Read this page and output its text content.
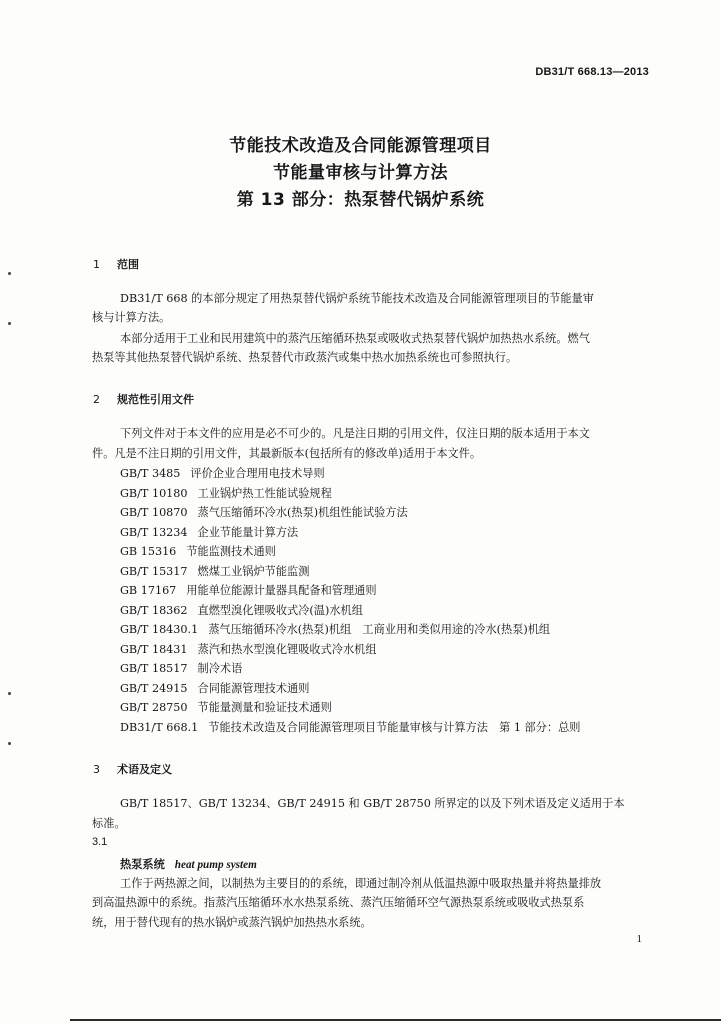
DB31/T 668.13—2013
节能技术改造及合同能源管理项目
节能量审核与计算方法
第 13 部分：热泵替代锅炉系统
1 范围
DB31/T 668 的本部分规定了用热泵替代锅炉系统节能技术改造及合同能源管理项目的节能量审
核与计算方法。
本部分适用于工业和民用建筑中的蒸汽压缩循环热泵或吸收式热泵替代锅炉加热热水系统。燃气
热泵等其他热泵替代锅炉系统、热泵替代市政蒸汽或集中热水加热系统也可参照执行。
2 规范性引用文件
下列文件对于本文件的应用是必不可少的。凡是注日期的引用文件，仅注日期的版本适用于本文
件。凡是不注日期的引用文件，其最新版本(包括所有的修改单)适用于本文件。
GB/T 3485 评价企业合理用电技术导则
GB/T 10180 工业锅炉热工性能试验规程
GB/T 10870 蒸气压缩循环冷水(热泵)机组性能试验方法
GB/T 13234 企业节能量计算方法
GB 15316 节能监测技术通则
GB/T 15317 燃煤工业锅炉节能监测
GB 17167 用能单位能源计量器具配备和管理通则
GB/T 18362 直燃型溴化锂吸收式冷(温)水机组
GB/T 18430.1 蒸气压缩循环冷水(热泵)机组　工商业用和类似用途的冷水(热泵)机组
GB/T 18431 蒸汽和热水型溴化锂吸收式冷水机组
GB/T 18517 制冷术语
GB/T 24915 合同能源管理技术通则
GB/T 28750 节能量测量和验证技术通则
DB31/T 668.1 节能技术改造及合同能源管理项目节能量审核与计算方法　第 1 部分：总则
3 术语及定义
GB/T 18517、GB/T 13234、GB/T 24915 和 GB/T 28750 所界定的以及下列术语及定义适用于本
标准。
3.1
热泵系统 heat pump system
工作于两热源之间，以制热为主要目的的系统，即通过制冷剂从低温热源中吸取热量并将热量排放
到高温热源中的系统。指蒸汽压缩循环水水热泵系统、蒸汽压缩循环空气源热泵系统或吸收式热泵系
统，用于替代现有的热水锅炉或蒸汽锅炉加热热水系统。
1
